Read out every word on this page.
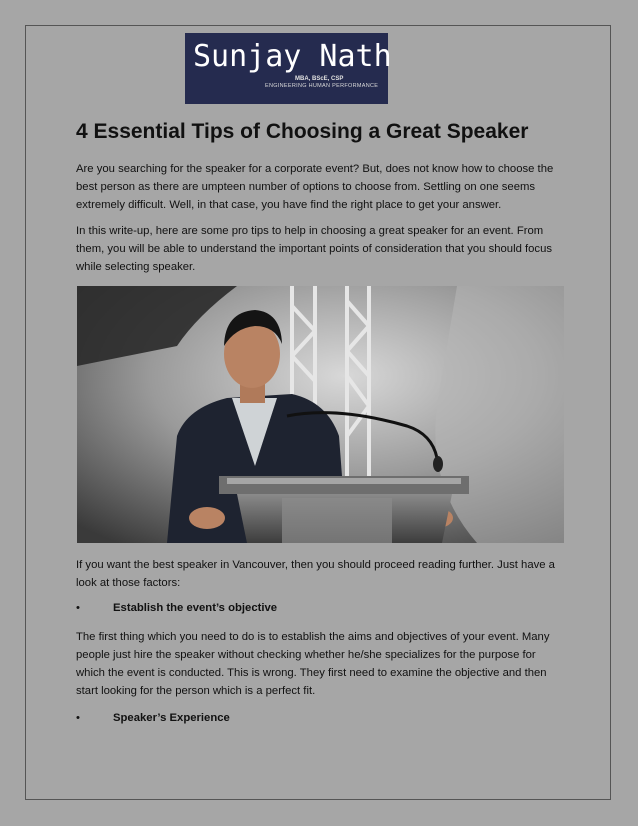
Sunjay Nath
MBA, BScE, CSP
ENGINEERING HUMAN PERFORMANCE
4 Essential Tips of Choosing a Great Speaker

Are you searching for the speaker for a corporate event? But, does not know how to choose the best person as there are umpteen number of options to choose from. Settling on one seems extremely difficult. Well, in that case, you have find the right place to get your answer.

In this write-up, here are some pro tips to help in choosing a great speaker for an event. From them, you will be able to understand the important points of consideration that you should focus while selecting speaker.

If you want the best speaker in Vancouver, then you should proceed reading further. Just have a look at those factors:

•	Establish the event’s objective

The first thing which you need to do is to establish the aims and objectives of your event. Many people just hire the speaker without checking whether he/she specializes for the purpose for which the event is conducted. This is wrong. They first need to examine the objective and then start looking for the person which is a perfect fit.

•	Speaker’s Experience
